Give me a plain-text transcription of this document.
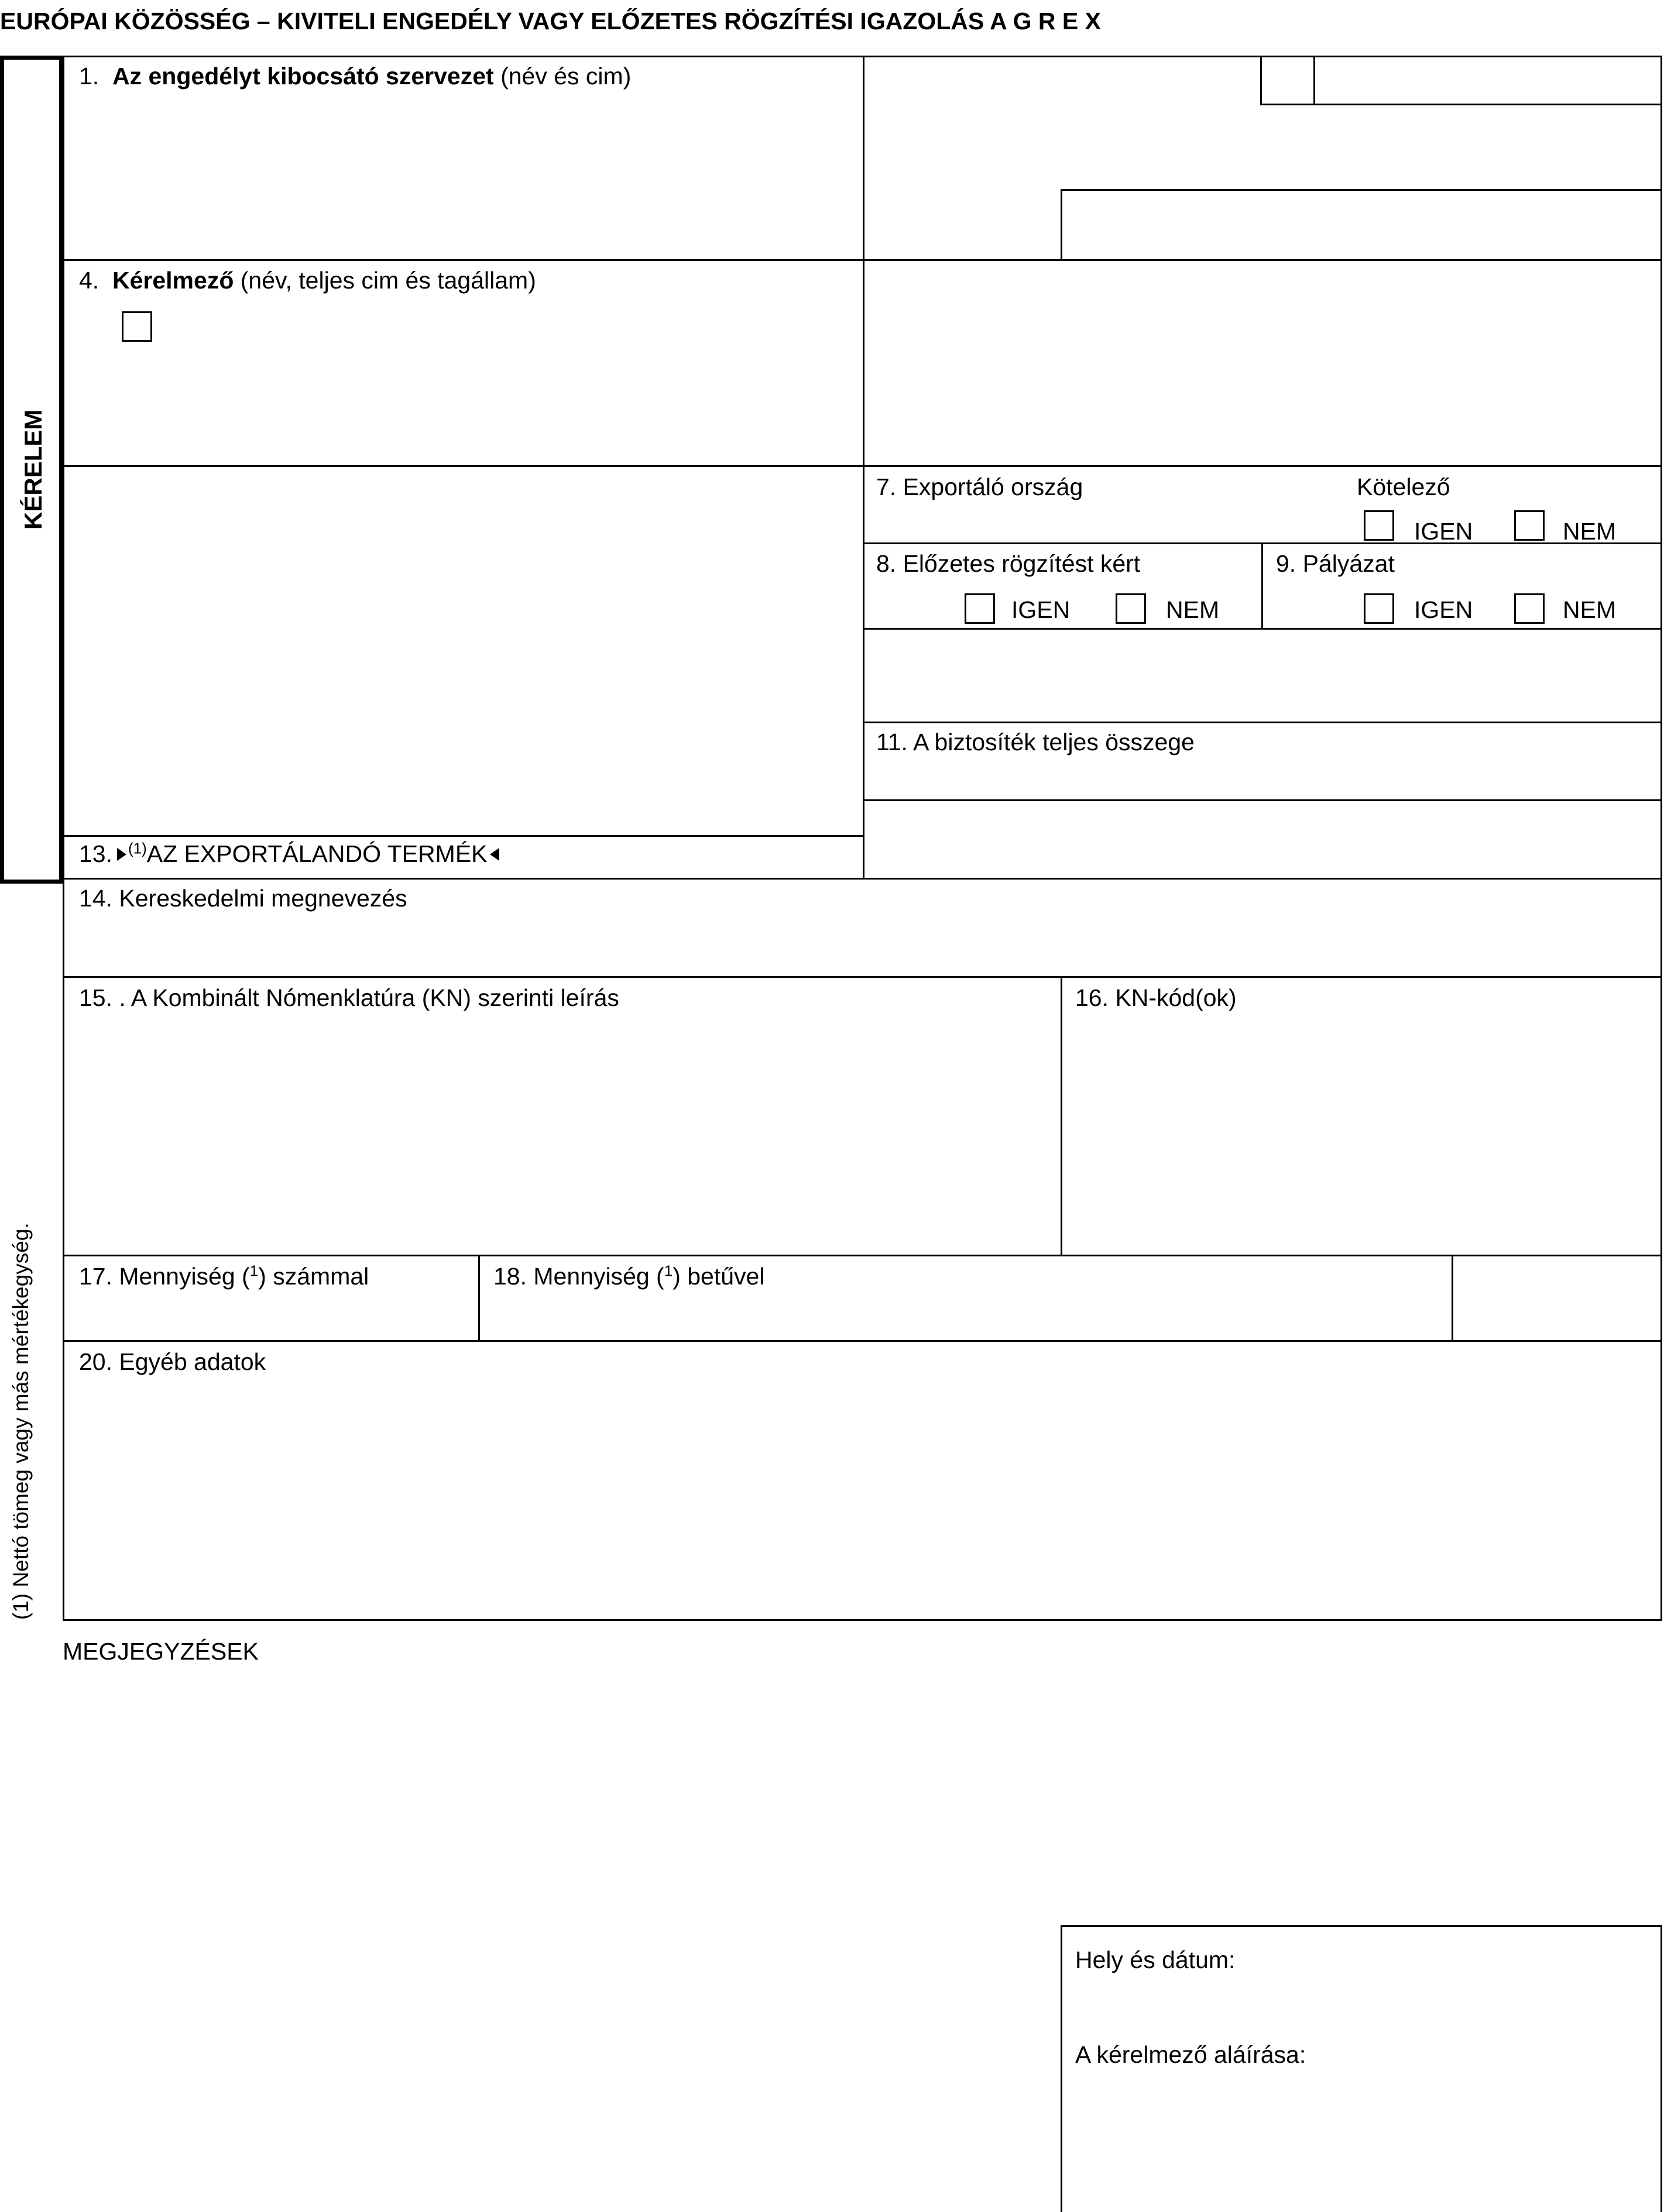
EURÓPAI KÖZÖSSÉG – KIVITELI ENGEDÉLY VAGY ELŐZETES RÖGZÍTÉSI IGAZOLÁS A G R E X
KÉRELEM
(1) Nettó tömeg vagy más mértékegység.
1. Az engedélyt kibocsátó szervezet (név és cim)
4. Kérelmező (név, teljes cim és tagállam)
7. Exportáló ország	Kötelező
IGEN	NEM
8. Előzetes rögzítést kért
IGEN	NEM
9. Pályázat
IGEN	NEM
11. A biztosíték teljes összege
13. $^{(1)}$AZ EXPORTÁLANDÓ TERMÉK
14. Kereskedelmi megnevezés
15. . A Kombinált Nómenklatúra (KN) szerinti leírás	16. KN-kód(ok)
17. Mennyiség ($^1$) számmal	18. Mennyiség ($^1$) betűvel
20. Egyéb adatok
MEGJEGYZÉSEK
Hely és dátum:
A kérelmező aláírása:
